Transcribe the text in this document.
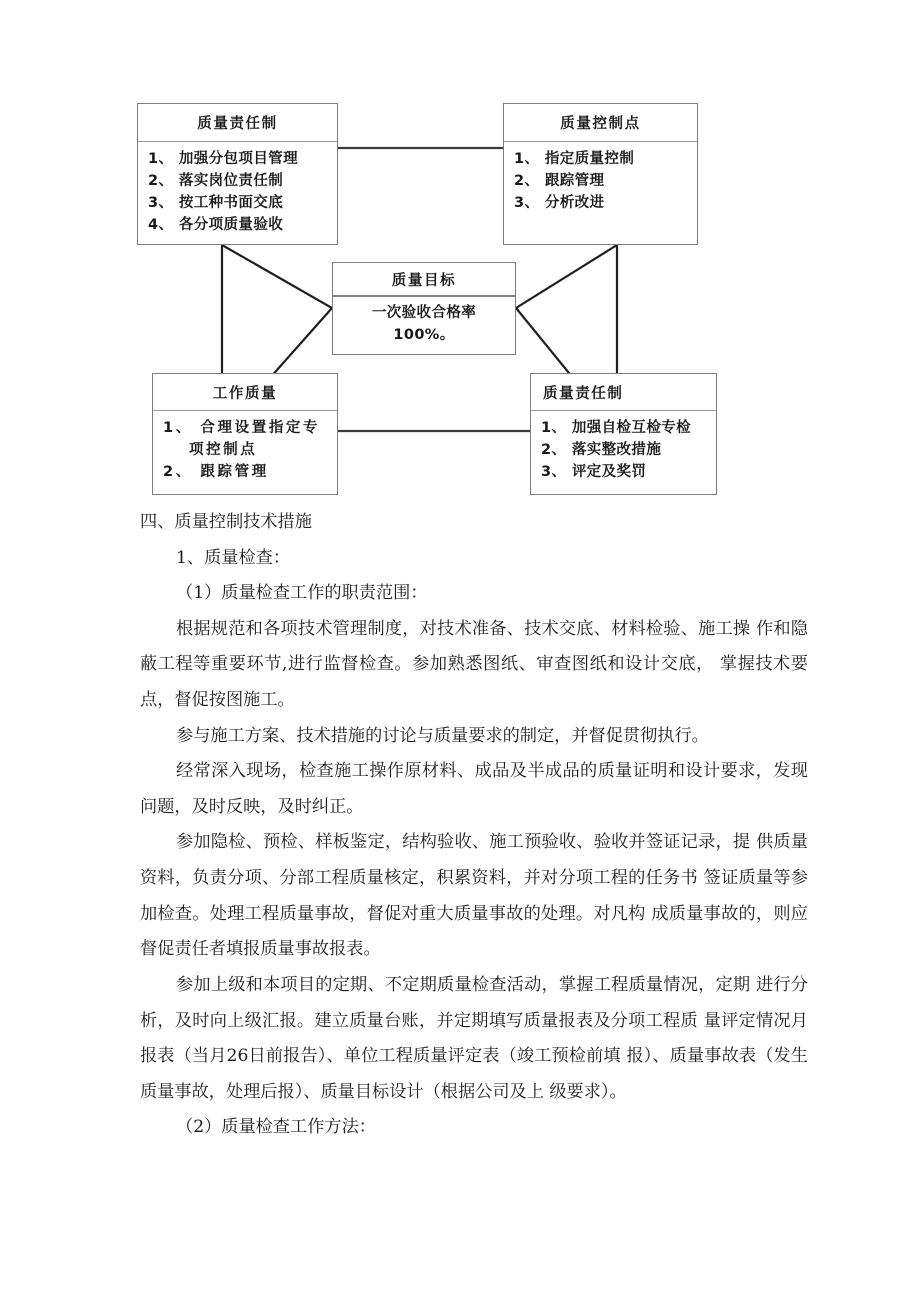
质量责任制
1、 加强分包项目管理
2、 落实岗位责任制
3、 按工种书面交底
4、 各分项质量验收
质量控制点
1、 指定质量控制
2、 跟踪管理
3、 分析改进
质量目标
一次验收合格率
100%。
工作质量
1、 合理设置指定专
项控制点
2、 跟踪管理
质量责任制
1、 加强自检互检专检
2、 落实整改措施
3、 评定及奖罚

四、质量控制技术措施

1、质量检查：

（1）质量检查工作的职责范围：

根据规范和各项技术管理制度，对技术准备、技术交底、材料检验、施工操 作和隐蔽工程等重要环节,进行监督检查。参加熟悉图纸、审查图纸和设计交底， 掌握技术要点，督促按图施工。

参与施工方案、技术措施的讨论与质量要求的制定，并督促贯彻执行。

经常深入现场，检查施工操作原材料、成品及半成品的质量证明和设计要求，发现问题，及时反映，及时纠正。

参加隐检、预检、样板鉴定，结构验收、施工预验收、验收并签证记录，提 供质量资料，负责分项、分部工程质量核定，积累资料，并对分项工程的任务书 签证质量等参加检查。处理工程质量事故，督促对重大质量事故的处理。对凡构 成质量事故的，则应督促责任者填报质量事故报表。

参加上级和本项目的定期、不定期质量检查活动，掌握工程质量情况，定期 进行分析，及时向上级汇报。建立质量台账，并定期填写质量报表及分项工程质 量评定情况月报表（当月26日前报告）、单位工程质量评定表（竣工预检前填 报）、质量事故表（发生质量事故，处理后报）、质量目标设计（根据公司及上 级要求）。

（2）质量检查工作方法：
